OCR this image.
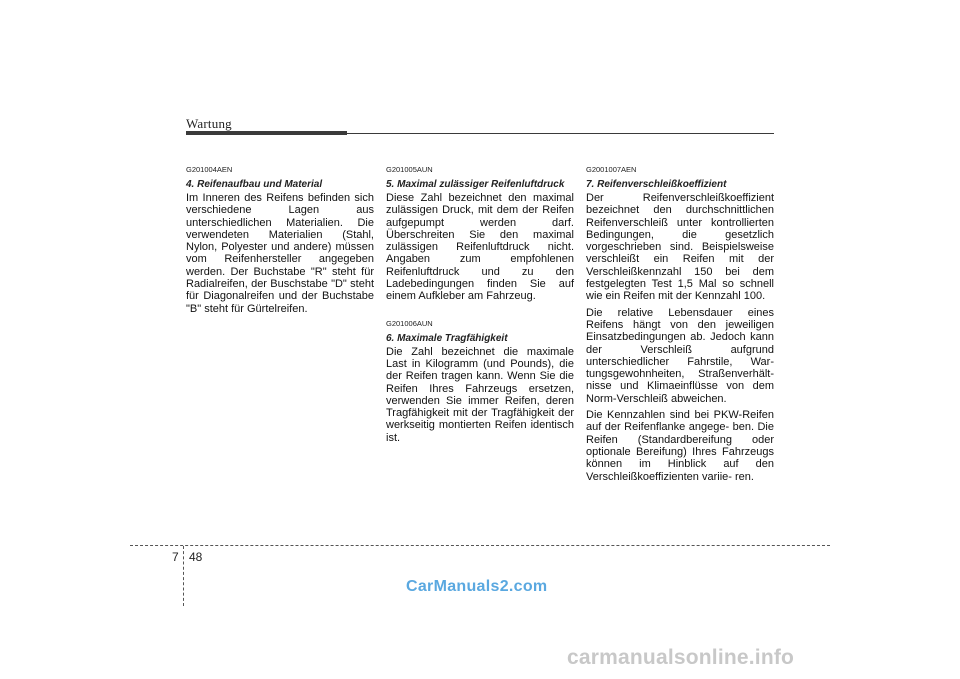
Wartung

G201004AEN

4. Reifenaufbau und Material

Im Inneren des Reifens befinden sich verschiedene Lagen aus unterschiedlichen Materialien. Die verwendeten Materialien (Stahl, Nylon, Polyester und andere) müssen vom Reifenhersteller angegeben werden. Der Buchstabe "R" steht für Radialreifen, der Buschstabe "D" steht für Diagonalreifen und der Buchstabe "B" steht für Gürtelreifen.

G201005AUN

5. Maximal zulässiger Reifenluftdruck

Diese Zahl bezeichnet den maximal zulässigen Druck, mit dem der Reifen aufgepumpt werden darf. Überschreiten Sie den maximal zulässigen Reifenluftdruck nicht. Angaben zum empfohlenen Reifenluftdruck und zu den Ladebedingungen finden Sie auf einem Aufkleber am Fahrzeug.

G201006AUN

6. Maximale Tragfähigkeit

Die Zahl bezeichnet die maximale Last in Kilogramm (und Pounds), die der Reifen tragen kann. Wenn Sie die Reifen Ihres Fahrzeugs ersetzen, verwenden Sie immer Reifen, deren Tragfähigkeit mit der Tragfähigkeit der werkseitig montierten Reifen identisch ist.

G2001007AEN

7. Reifenverschleißkoeffizient

Der Reifenverschleißkoeffizient bezeichnet den durchschnittlichen Reifenverschleiß unter kontrollierten Bedingungen, die gesetzlich vorgeschrieben sind. Beispielsweise verschleißt ein Reifen mit der Verschleißkennzahl 150 bei dem festgelegten Test 1,5 Mal so schnell wie ein Reifen mit der Kennzahl 100.

Die relative Lebensdauer eines Reifens hängt von den jeweiligen Einsatzbedingungen ab. Jedoch kann der Verschleiß aufgrund unterschiedlicher Fahrstile, War- tungsgewohnheiten, Straßenverhält- nisse und Klimaeinflüsse von dem Norm-Verschleiß abweichen.

Die Kennzahlen sind bei PKW-Reifen auf der Reifenflanke angege- ben. Die Reifen (Standardbereifung oder optionale Bereifung) Ihres Fahrzeugs können im Hinblick auf den Verschleißkoeffizienten variie- ren.

7 48
CarManuals2.com
carmanualsonline.info
